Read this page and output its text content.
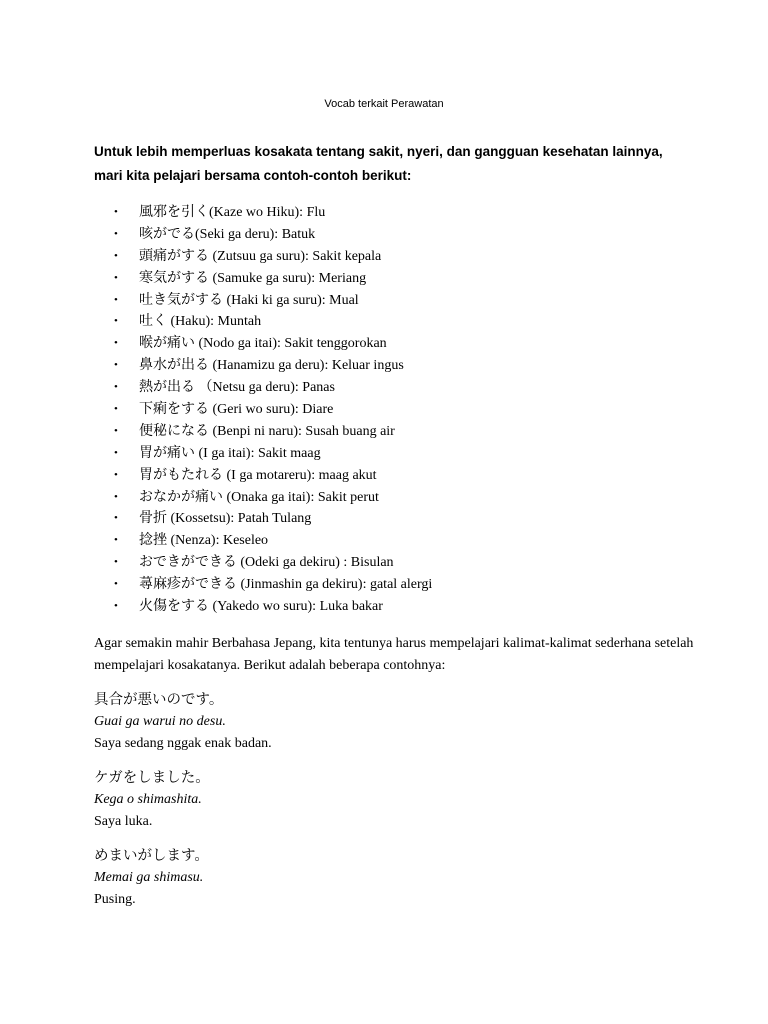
Vocab terkait Perawatan
Untuk lebih memperluas kosakata tentang sakit, nyeri, dan gangguan kesehatan lainnya, mari kita pelajari bersama contoh-contoh berikut:
• 風邪を引く(Kaze wo Hiku): Flu
• 咳がでる(Seki ga deru): Batuk
• 頭痛がする (Zutsuu ga suru): Sakit kepala
• 寒気がする (Samuke ga suru): Meriang
• 吐き気がする (Haki ki ga suru): Mual
• 吐く (Haku): Muntah
• 喉が痛い (Nodo ga itai): Sakit tenggorokan
• 鼻水が出る (Hanamizu ga deru): Keluar ingus
• 熱が出る （Netsu ga deru): Panas
• 下痢をする (Geri wo suru): Diare
• 便秘になる (Benpi ni naru): Susah buang air
• 胃が痛い (I ga itai): Sakit maag
• 胃がもたれる (I ga motareru): maag akut
• おなかが痛い (Onaka ga itai): Sakit perut
• 骨折 (Kossetsu): Patah Tulang
• 捻挫 (Nenza): Keseleo
• おできができる (Odeki ga dekiru) : Bisulan
• 蕁麻疹ができる (Jinmashin ga dekiru): gatal alergi
• 火傷をする (Yakedo wo suru): Luka bakar
Agar semakin mahir Berbahasa Jepang, kita tentunya harus mempelajari kalimat-kalimat sederhana setelah mempelajari kosakatanya. Berikut adalah beberapa contohnya:
具合が悪いのです。
Guai ga warui no desu.
Saya sedang nggak enak badan.
ケガをしました。
Kega o shimashita.
Saya luka.
めまいがします。
Memai ga shimasu.
Pusing.
